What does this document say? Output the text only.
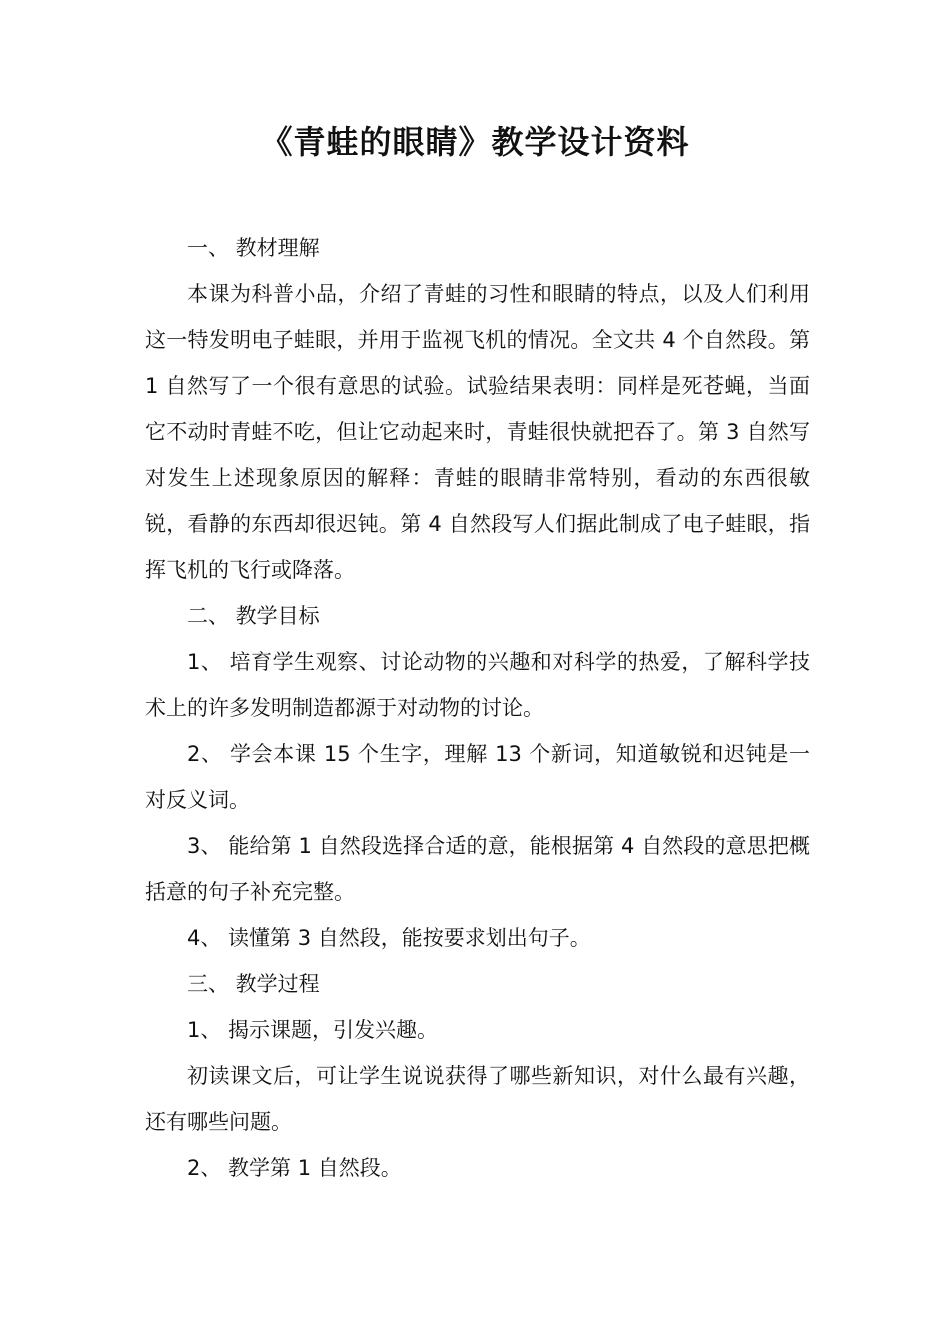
《青蛙的眼睛》教学设计资料

一、 教材理解

本课为科普小品，介绍了青蛙的习性和眼睛的特点，以及人们利用这一特发明电子蛙眼，并用于监视飞机的情况。全文共 4 个自然段。第 1 自然写了一个很有意思的试验。试验结果表明：同样是死苍蝇，当面它不动时青蛙不吃，但让它动起来时，青蛙很快就把吞了。第 3 自然写对发生上述现象原因的解释：青蛙的眼睛非常特别，看动的东西很敏锐，看静的东西却很迟钝。第 4 自然段写人们据此制成了电子蛙眼，指挥飞机的飞行或降落。

二、 教学目标

1、 培育学生观察、讨论动物的兴趣和对科学的热爱，了解科学技术上的许多发明制造都源于对动物的讨论。

2、 学会本课 15 个生字，理解 13 个新词，知道敏锐和迟钝是一对反义词。

3、 能给第 1 自然段选择合适的意，能根据第 4 自然段的意思把概括意的句子补充完整。

4、 读懂第 3 自然段，能按要求划出句子。

三、 教学过程

1、 揭示课题，引发兴趣。

初读课文后，可让学生说说获得了哪些新知识，对什么最有兴趣，还有哪些问题。

2、 教学第 1 自然段。
